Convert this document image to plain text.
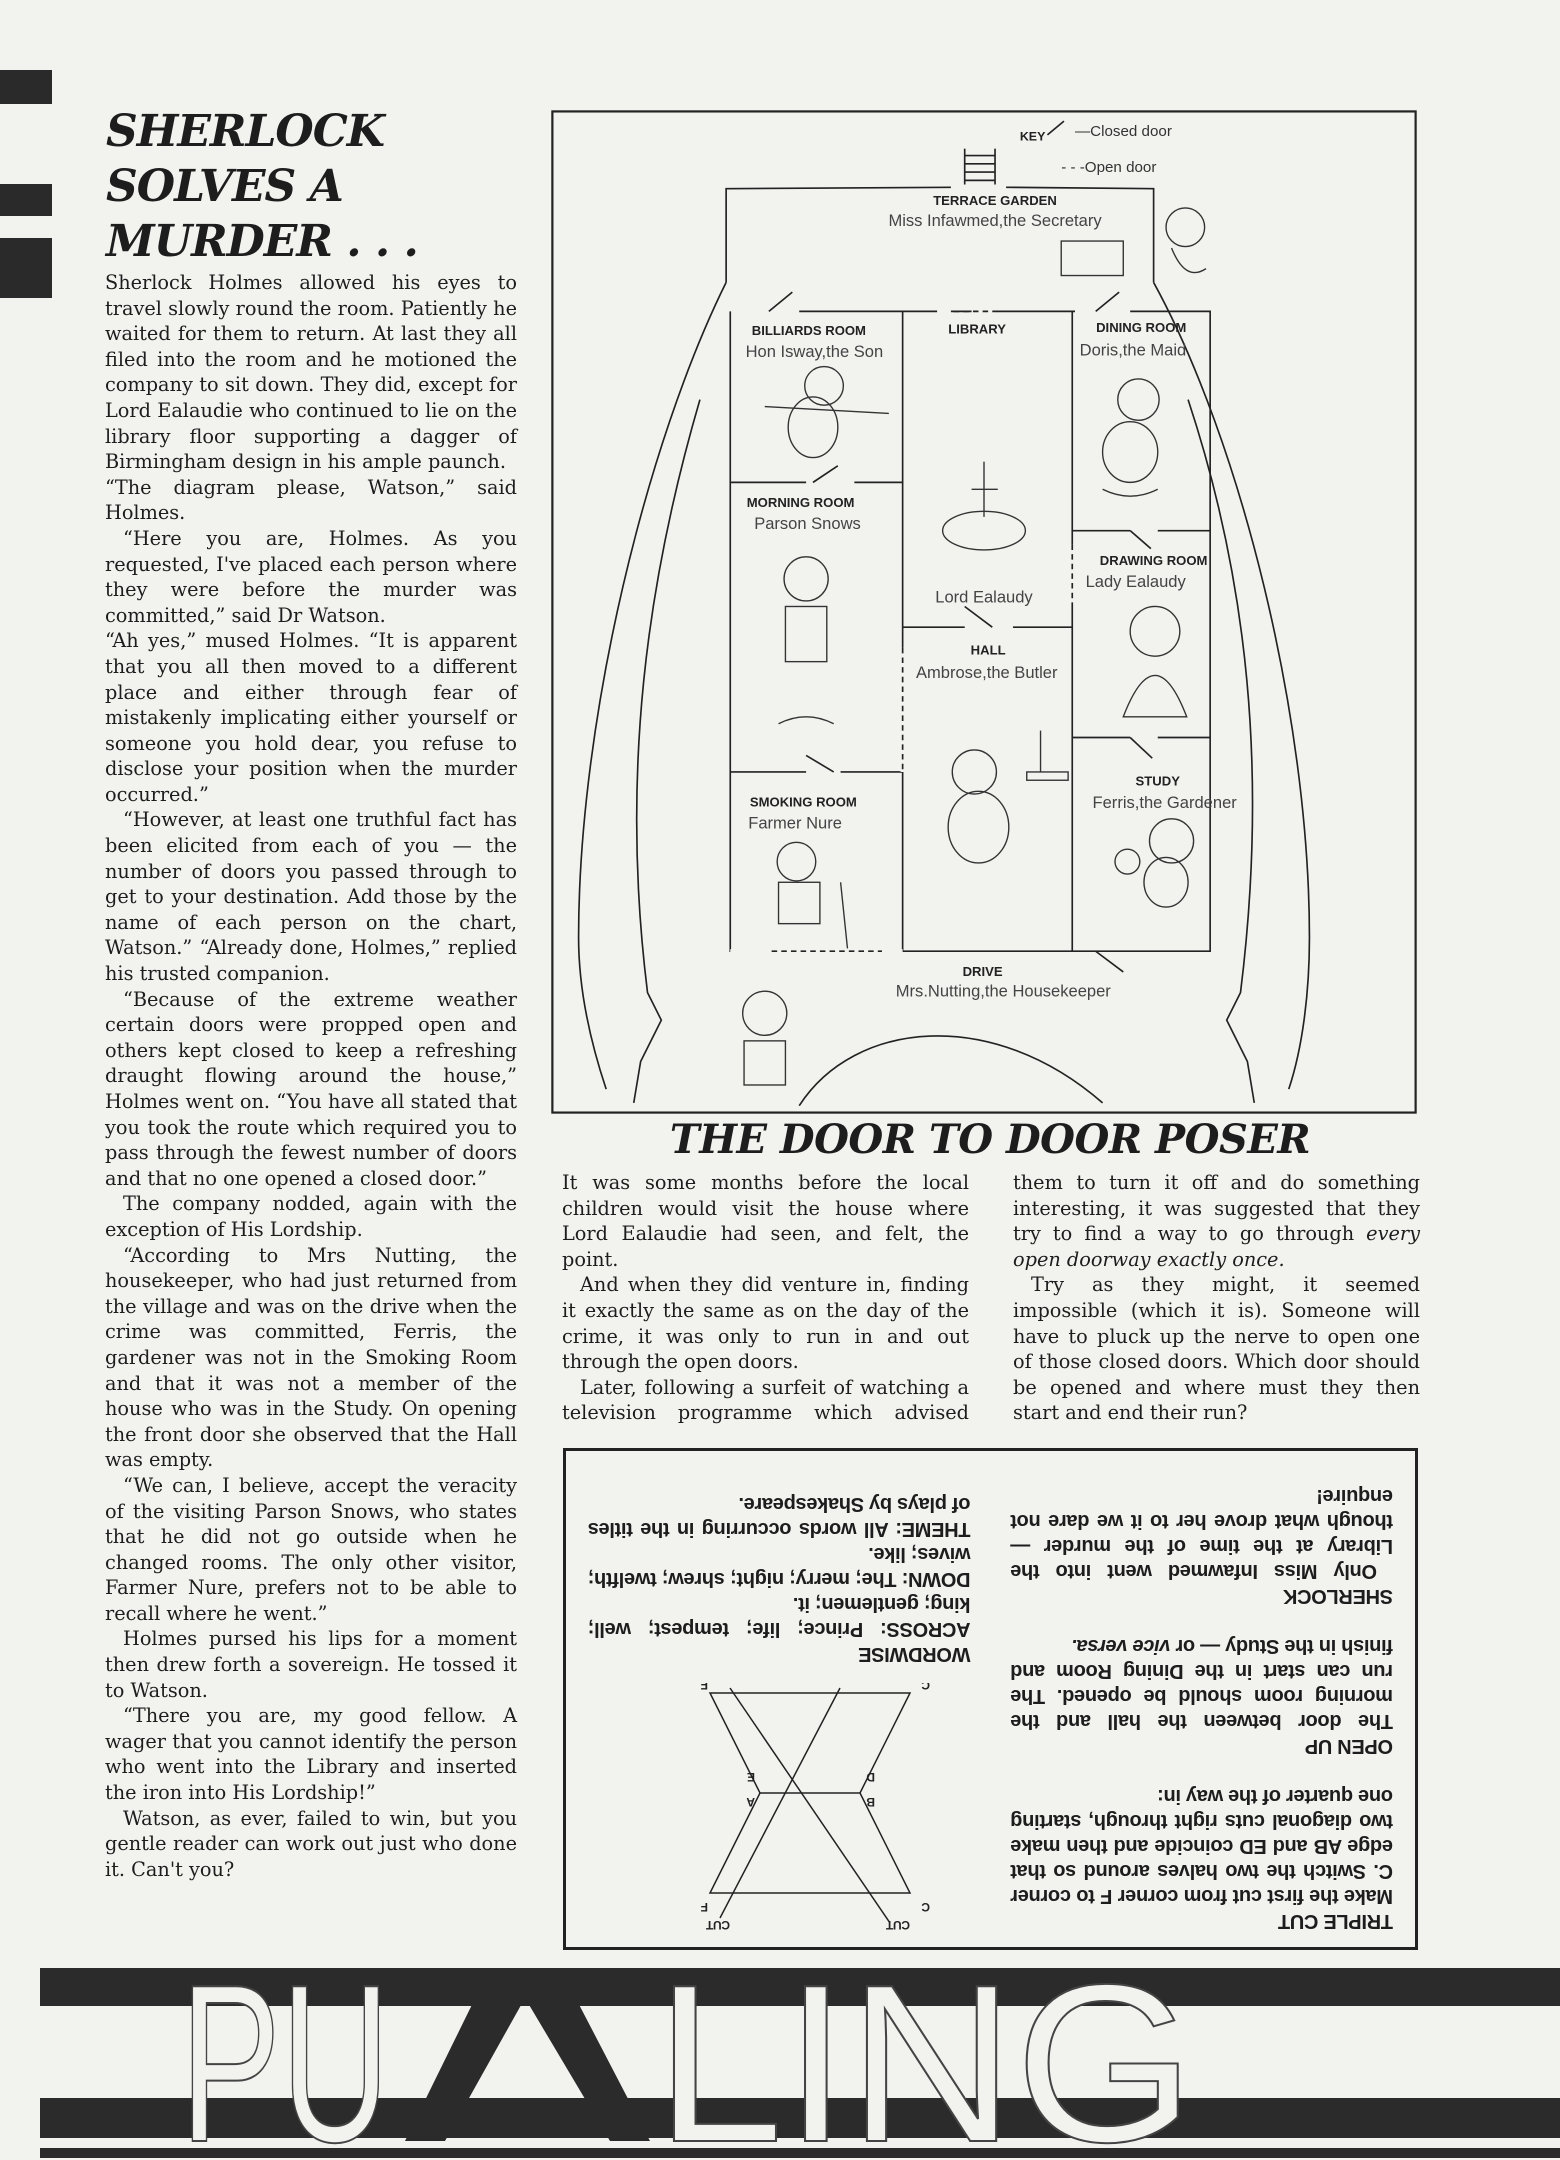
SHERLOCK
SOLVES A
MURDER . . .

Sherlock Holmes allowed his eyes to travel slowly round the room. Patiently he waited for them to return. At last they all filed into the room and he motioned the company to sit down. They did, except for Lord Ealaudie who continued to lie on the library floor supporting a dagger of Birmingham design in his ample paunch.

“The diagram please, Watson,” said Holmes.

“Here you are, Holmes. As you requested, I've placed each person where they were before the murder was committed,” said Dr Watson.

“Ah yes,” mused Holmes. “It is apparent that you all then moved to a different place and either through fear of mistakenly implicating either yourself or someone you hold dear, you refuse to disclose your position when the murder occurred.”

“However, at least one truthful fact has been elicited from each of you — the number of doors you passed through to get to your destination. Add those by the name of each person on the chart, Watson.” “Already done, Holmes,” replied his trusted companion.

“Because of the extreme weather certain doors were propped open and others kept closed to keep a refreshing draught flowing around the house,” Holmes went on. “You have all stated that you took the route which required you to pass through the fewest number of doors and that no one opened a closed door.”

The company nodded, again with the exception of His Lordship.

“According to Mrs Nutting, the housekeeper, who had just returned from the village and was on the drive when the crime was committed, Ferris, the gardener was not in the Smoking Room and that it was not a member of the house who was in the Study. On opening the front door she observed that the Hall was empty.

“We can, I believe, accept the veracity of the visiting Parson Snows, who states that he did not go outside when he changed rooms. The only other visitor, Farmer Nure, prefers not to be able to recall where he went.”

Holmes pursed his lips for a moment then drew forth a sovereign. He tossed it to Watson.

“There you are, my good fellow. A wager that you cannot identify the person who went into the Library and inserted the iron into His Lordship!”

Watson, as ever, failed to win, but you gentle reader can work out just who done it. Can't you?

KEY	—Closed door
- - -Open door
TERRACE GARDEN
BILLIARDS ROOM	LIBRARY	DINING ROOM
MORNING ROOM
DRAWING ROOM
HALL
SMOKING ROOM
STUDY
DRIVE
Miss Infawmed,the Secretary
Hon Isway,the Son
Lord Ealaudy
Doris,the Maid
Parson Snows
Lady Ealaudy
Ambrose,the Butler
Farmer Nure
Ferris,the Gardener
Mrs.Nutting,the Housekeeper
THE DOOR TO DOOR POSER

It was some months before the local children would visit the house where Lord Ealaudie had seen, and felt, the point.

And when they did venture in, finding it exactly the same as on the day of the crime, it was only to run in and out through the open doors.

Later, following a surfeit of watching a television programme which advised them to turn it off and do something interesting, it was suggested that they try to find a way to go through every open doorway exactly once.

Try as they might, it seemed impossible (which it is). Someone will have to pluck up the nerve to open one of those closed doors. Which door should be opened and where must they then start and end their run?

TRIPLE CUT
Make the first cut from corner F to corner C. Switch the two halves around so that edge AB and ED coincide and then make two diagonal cuts right through, starting one quarter of the way in:

OPEN UP
The door between the hall and the morning room should be opened. The run can start in the Dining Room and finish in the Study — or vice versa.

SHERLOCK
Only Miss Infawmed went into the Library at the time of the murder — though what drove her to it we dare not enquire!

C
F
B
D
A
E
C
F
CUT
CUT

WORDWISE
ACROSS: Prince; life; tempest; well; king; gentlemen; it.
DOWN: The; merry; night; shrew; twelfth; wives; like.
THEME: All words occurring in the titles of plays by Shakespeare.

PU LING
